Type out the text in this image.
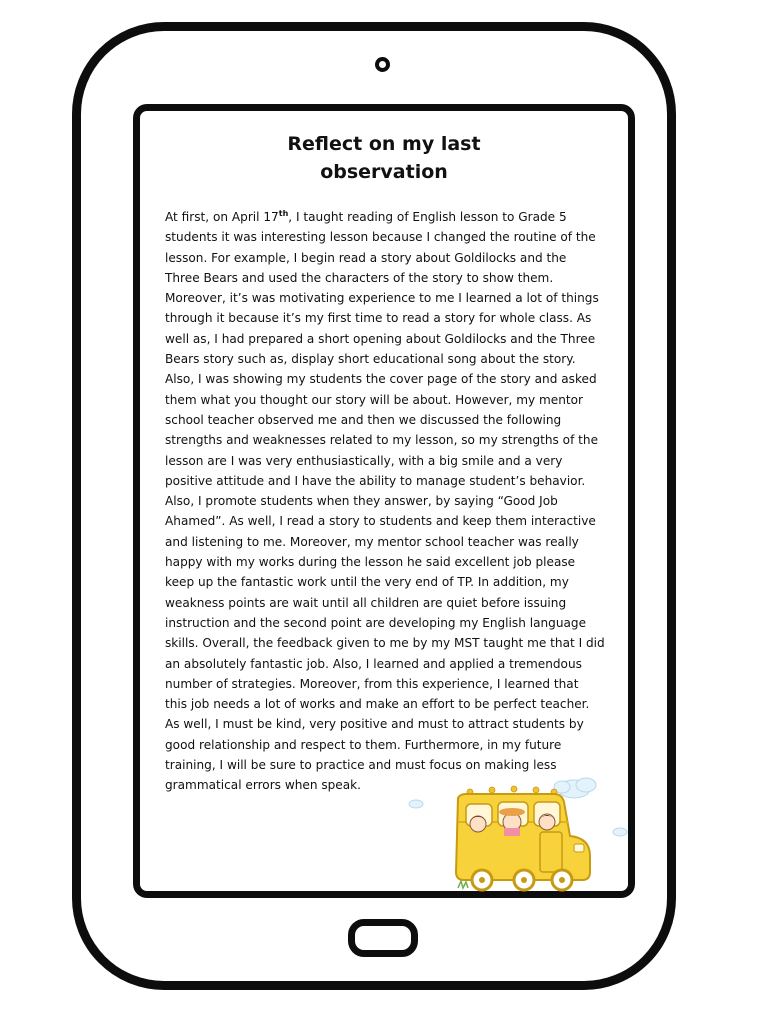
Reflect on my last
observation
At first, on April 17th, I taught reading of English lesson to Grade 5
students it was interesting lesson because I changed the routine of the
lesson. For example, I begin read a story about Goldilocks and the
Three Bears and used the characters of the story to show them.
Moreover, it’s was motivating experience to me I learned a lot of things
through it because it’s my first time to read a story for whole class. As
well as, I had prepared a short opening about Goldilocks and the Three
Bears story such as, display short educational song about the story.
Also, I was showing my students the cover page of the story and asked
them what you thought our story will be about. However, my mentor
school teacher observed me and then we discussed the following
strengths and weaknesses related to my lesson, so my strengths of the
lesson are I was very enthusiastically, with a big smile and a very
positive attitude and I have the ability to manage student’s behavior.
Also, I promote students when they answer, by saying “Good Job
Ahamed”. As well, I read a story to students and keep them interactive
and listening to me. Moreover, my mentor school teacher was really
happy with my works during the lesson he said excellent job please
keep up the fantastic work until the very end of TP. In addition, my
weakness points are wait until all children are quiet before issuing
instruction and the second point are developing my English language
skills. Overall, the feedback given to me by my MST taught me that I did
an absolutely fantastic job. Also, I learned and applied a tremendous
number of strategies. Moreover, from this experience, I learned that
this job needs a lot of works and make an effort to be perfect teacher.
As well, I must be kind, very positive and must to attract students by
good relationship and respect to them. Furthermore, in my future
training, I will be sure to practice and must focus on making less
grammatical errors when speak.
